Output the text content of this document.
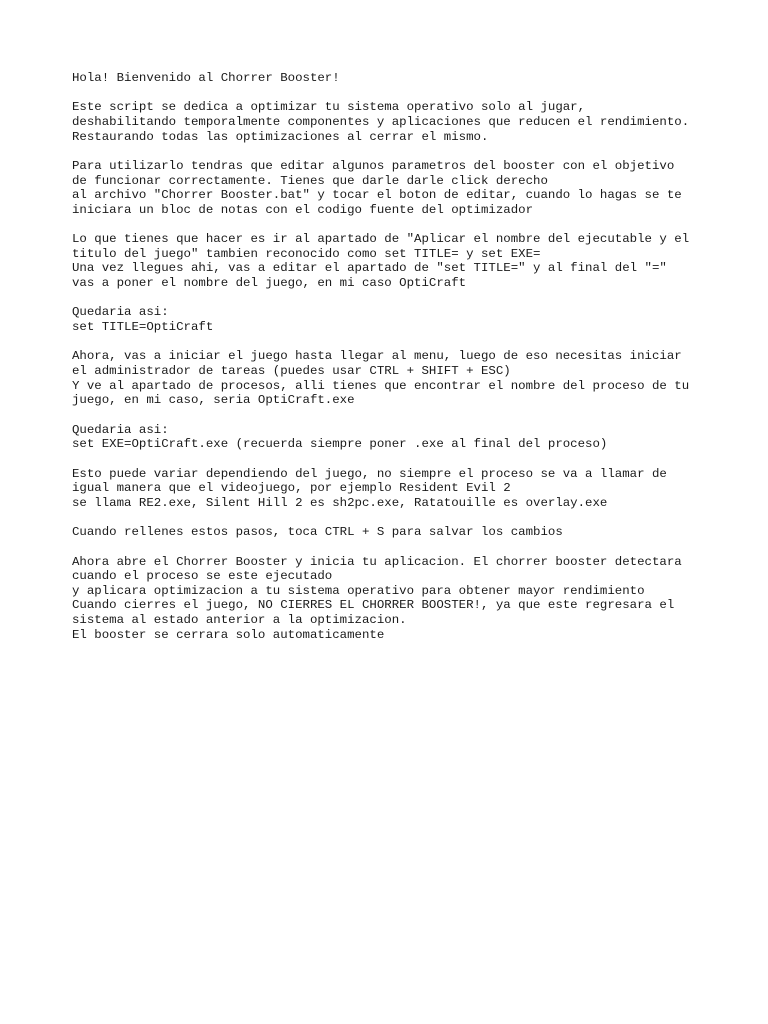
Hola! Bienvenido al Chorrer Booster!

Este script se dedica a optimizar tu sistema operativo solo al jugar,
deshabilitando temporalmente componentes y aplicaciones que reducen el rendimiento.
Restaurando todas las optimizaciones al cerrar el mismo.

Para utilizarlo tendras que editar algunos parametros del booster con el objetivo
de funcionar correctamente. Tienes que darle darle click derecho
al archivo "Chorrer Booster.bat" y tocar el boton de editar, cuando lo hagas se te
iniciara un bloc de notas con el codigo fuente del optimizador

Lo que tienes que hacer es ir al apartado de "Aplicar el nombre del ejecutable y el
titulo del juego" tambien reconocido como set TITLE= y set EXE=
Una vez llegues ahi, vas a editar el apartado de "set TITLE=" y al final del "="
vas a poner el nombre del juego, en mi caso OptiCraft

Quedaria asi:
set TITLE=OptiCraft

Ahora, vas a iniciar el juego hasta llegar al menu, luego de eso necesitas iniciar
el administrador de tareas (puedes usar CTRL + SHIFT + ESC)
Y ve al apartado de procesos, alli tienes que encontrar el nombre del proceso de tu
juego, en mi caso, seria OptiCraft.exe

Quedaria asi:
set EXE=OptiCraft.exe (recuerda siempre poner .exe al final del proceso)

Esto puede variar dependiendo del juego, no siempre el proceso se va a llamar de
igual manera que el videojuego, por ejemplo Resident Evil 2
se llama RE2.exe, Silent Hill 2 es sh2pc.exe, Ratatouille es overlay.exe

Cuando rellenes estos pasos, toca CTRL + S para salvar los cambios

Ahora abre el Chorrer Booster y inicia tu aplicacion. El chorrer booster detectara
cuando el proceso se este ejecutado
y aplicara optimizacion a tu sistema operativo para obtener mayor rendimiento
Cuando cierres el juego, NO CIERRES EL CHORRER BOOSTER!, ya que este regresara el
sistema al estado anterior a la optimizacion.
El booster se cerrara solo automaticamente
